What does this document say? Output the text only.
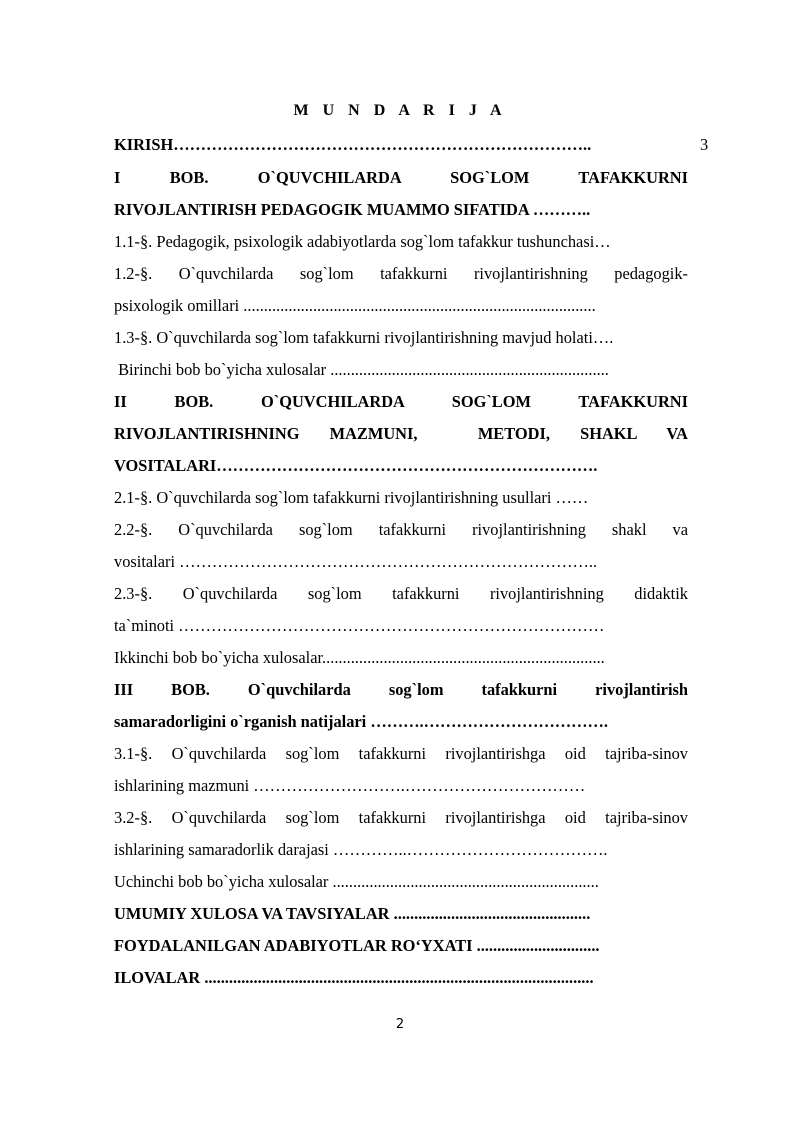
M U N D A R I J A
KIRISH…………………………………………………………………..	3
I BOB. O`QUVCHILARDA SOG`LOM TAFAKKURNI
RIVOJLANTIRISH PEDAGOGIK MUAMMO SIFATIDA ………..
1.1-§. Pedagogik, psixologik adabiyotlarda sog`lom tafakkur tushunchasi…
1.2-§. O`quvchilarda sog`lom tafakkurni rivojlantirishning pedagogik-
psixologik omillari ......................................................................................
1.3-§. O`quvchilarda sog`lom tafakkurni rivojlantirishning mavjud holati….
Birinchi bob bo`yicha xulosalar ....................................................................
II BOB. O`QUVCHILARDA SOG`LOM TAFAKKURNI
RIVOJLANTIRISHNING MAZMUNI,  METODI, SHAKL VA
VOSITALARI…………………………………………………………….
2.1-§. O`quvchilarda sog`lom tafakkurni rivojlantirishning usullari ……
2.2-§. O`quvchilarda sog`lom tafakkurni rivojlantirishning shakl va
vositalari …………………………………………………………………..
2.3-§. O`quvchilarda sog`lom tafakkurni rivojlantirishning didaktik
ta`minoti ……………………………………………………………………
Ikkinchi bob bo`yicha xulosalar.....................................................................
III BOB. O`quvchilarda sog`lom tafakkurni rivojlantirish
samaradorligini o`rganish natijalari ……….…………………………….
3.1-§. O`quvchilarda sog`lom tafakkurni rivojlantirishga oid tajriba-sinov
ishlarining mazmuni ……………………….……………………………
3.2-§. O`quvchilarda sog`lom tafakkurni rivojlantirishga oid tajriba-sinov
ishlarining samaradorlik darajasi …………..……………………………….
Uchinchi bob bo`yicha xulosalar .................................................................
UMUMIY XULOSA VA TAVSIYALAR ................................................
FOYDALANILGAN ADABIYOTLAR RO‘YXATI ..............................
ILOVALAR ...............................................................................................
2
